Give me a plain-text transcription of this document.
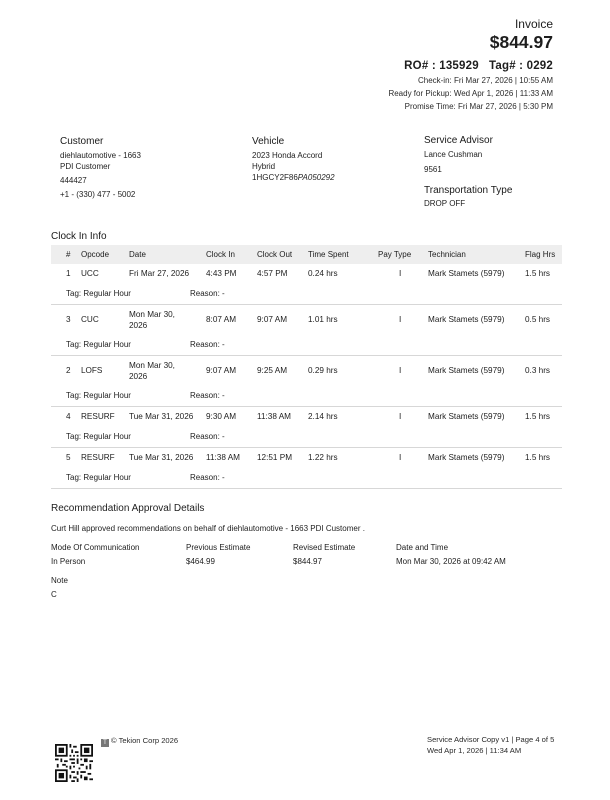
Invoice
$844.97
RO# : 135929   Tag# : 0292
Check-in: Fri Mar 27, 2026 | 10:55 AM
Ready for Pickup: Wed Apr 1, 2026 | 11:33 AM
Promise Time: Fri Mar 27, 2026 | 5:30 PM
Customer
diehlautomotive - 1663
PDI Customer
444427
+1 - (330) 477 - 5002
Vehicle
2023 Honda Accord
Hybrid
1HGCY2F86PA050292
Service Advisor
Lance Cushman
9561
Transportation Type
DROP OFF
Clock In Info
# Opcode Date	Clock In	Clock Out Time Spent	Pay Type Technician	Flag Hrs
1 UCC	Fri Mar 27, 2026 4:43 PM	4:57 PM	0.24 hrs	I	Mark Stamets (5979)	1.5 hrs
Tag: Regular Hour	Reason: -
3 CUC
Mon Mar 30, 2026
8:07 AM	9:07 AM	1.01 hrs	I	Mark Stamets (5979)	0.5 hrs
Tag: Regular Hour	Reason: -
2 LOFS
Mon Mar 30, 2026
9:07 AM	9:25 AM	0.29 hrs	I	Mark Stamets (5979)	0.3 hrs
Tag: Regular Hour	Reason: -
4 RESURF Tue Mar 31, 2026 9:30 AM	11:38 AM 2.14 hrs	I	Mark Stamets (5979)	1.5 hrs
Tag: Regular Hour	Reason: -
5 RESURF Tue Mar 31, 2026 11:38 AM 12:51 PM 1.22 hrs	I	Mark Stamets (5979)	1.5 hrs
Tag: Regular Hour	Reason: -
Recommendation Approval Details
Curt Hill approved recommendations on behalf of diehlautomotive - 1663 PDI Customer .
Mode Of Communication
In Person
Previous Estimate
$464.99
Revised Estimate
$844.97
Date and Time
Mon Mar 30, 2026 at 09:42 AM
Note
C
T © Tekion Corp 2026	Service Advisor Copy v1 | Page 4 of 5
Wed Apr 1, 2026 | 11:34 AM
